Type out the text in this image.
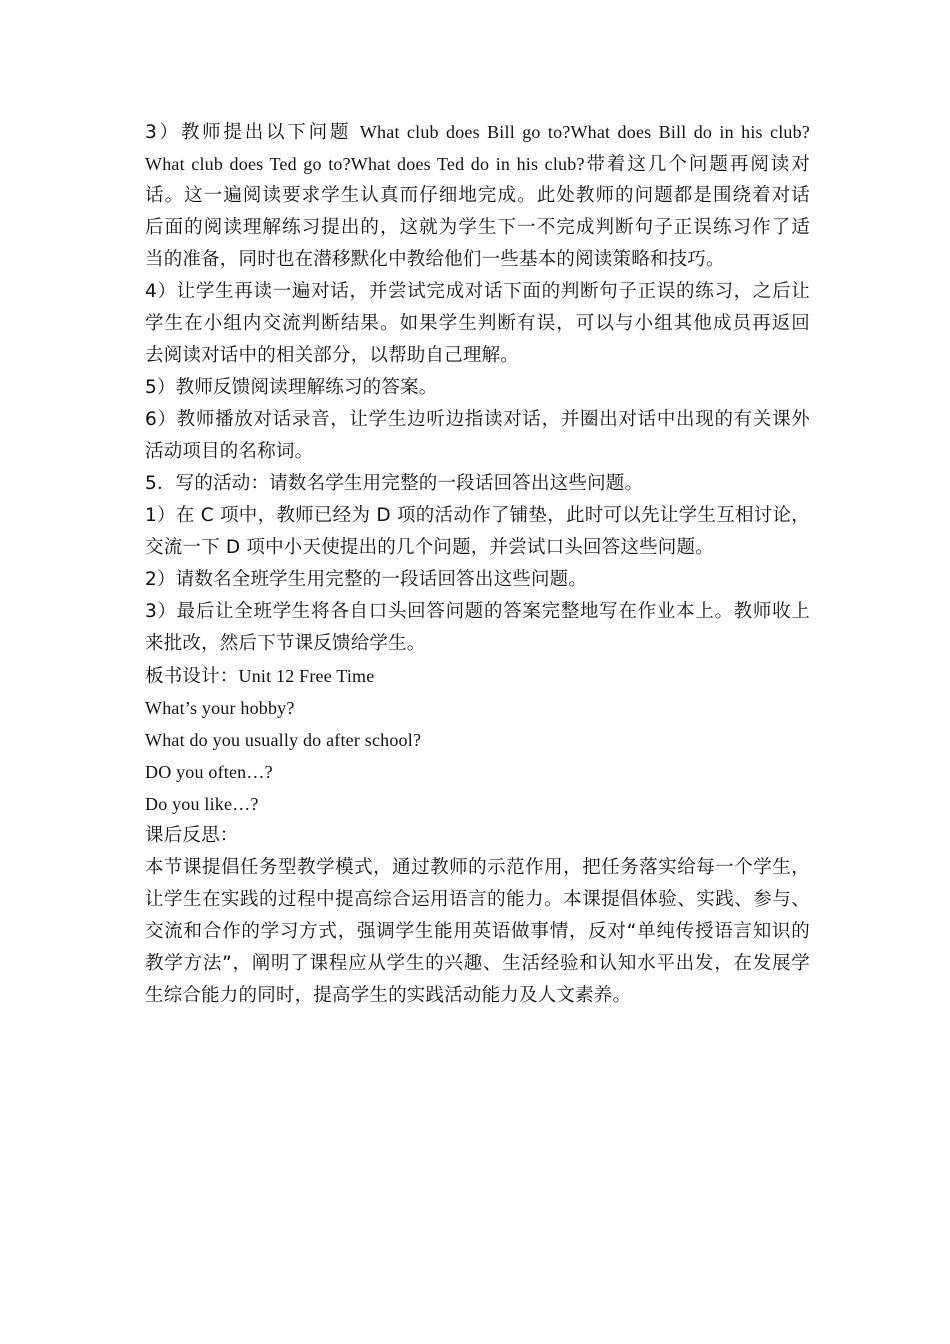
3）教师提出以下问题 What club does Bill go to?What does Bill do in his club?
What club does Ted go to?What does Ted do in his club?带着这几个问题再阅读对
话。这一遍阅读要求学生认真而仔细地完成。此处教师的问题都是围绕着对话
后面的阅读理解练习提出的，这就为学生下一不完成判断句子正误练习作了适
当的准备，同时也在潜移默化中教给他们一些基本的阅读策略和技巧。
4）让学生再读一遍对话，并尝试完成对话下面的判断句子正误的练习，之后让
学生在小组内交流判断结果。如果学生判断有误，可以与小组其他成员再返回
去阅读对话中的相关部分，以帮助自己理解。
5）教师反馈阅读理解练习的答案。
6）教师播放对话录音，让学生边听边指读对话，并圈出对话中出现的有关课外
活动项目的名称词。
5．写的活动：请数名学生用完整的一段话回答出这些问题。
1）在 C 项中，教师已经为 D 项的活动作了铺垫，此时可以先让学生互相讨论，
交流一下 D 项中小天使提出的几个问题，并尝试口头回答这些问题。
2）请数名全班学生用完整的一段话回答出这些问题。
3）最后让全班学生将各自口头回答问题的答案完整地写在作业本上。教师收上
来批改，然后下节课反馈给学生。
板书设计：Unit 12 Free Time
What’s your hobby?
What do you usually do after school?
DO you often…?
Do you like…?
课后反思：
本节课提倡任务型教学模式，通过教师的示范作用，把任务落实给每一个学生，
让学生在实践的过程中提高综合运用语言的能力。本课提倡体验、实践、参与、
交流和合作的学习方式，强调学生能用英语做事情，反对“单纯传授语言知识的
教学方法”，阐明了课程应从学生的兴趣、生活经验和认知水平出发，在发展学
生综合能力的同时，提高学生的实践活动能力及人文素养。
